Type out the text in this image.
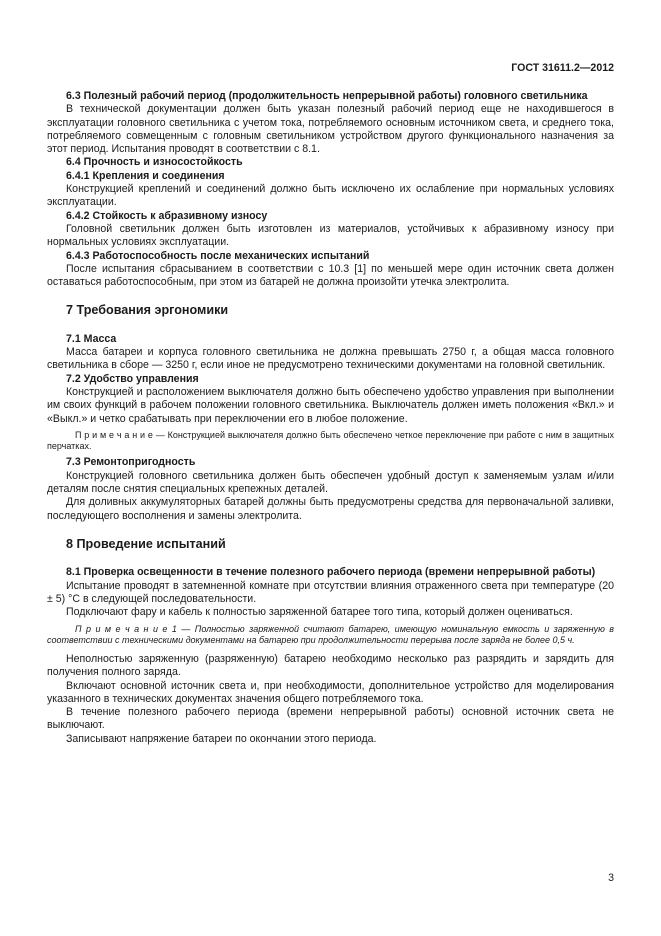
ГОСТ 31611.2—2012

6.3 Полезный рабочий период (продолжительность непрерывной работы) головного светильника

В технической документации должен быть указан полезный рабочий период еще не находившегося в эксплуатации головного светильника с учетом тока, потребляемого основным источником света, и среднего тока, потребляемого совмещенным с головным светильником устройством другого функционального назначения за этот период. Испытания проводят в соответствии с 8.1.

6.4 Прочность и износостойкость

6.4.1 Крепления и соединения

Конструкцией креплений и соединений должно быть исключено их ослабление при нормальных условиях эксплуатации.

6.4.2 Стойкость к абразивному износу

Головной светильник должен быть изготовлен из материалов, устойчивых к абразивному износу при нормальных условиях эксплуатации.

6.4.3 Работоспособность после механических испытаний

После испытания сбрасыванием в соответствии с 10.3 [1] по меньшей мере один источник света должен оставаться работоспособным, при этом из батарей не должна произойти утечка электролита.

7 Требования эргономики

7.1 Масса

Масса батареи и корпуса головного светильника не должна превышать 2750 г, а общая масса головного светильника в сборе — 3250 г, если иное не предусмотрено техническими документами на головной светильник.

7.2 Удобство управления

Конструкцией и расположением выключателя должно быть обеспечено удобство управления при выполнении им своих функций в рабочем положении головного светильника. Выключатель должен иметь положения «Вкл.» и «Выкл.» и четко срабатывать при переключении его в любое положение.

П р и м е ч а н и е — Конструкцией выключателя должно быть обеспечено четкое переключение при работе с ним в защитных перчатках.

7.3 Ремонтопригодность

Конструкцией головного светильника должен быть обеспечен удобный доступ к заменяемым узлам и/или деталям после снятия специальных крепежных деталей.

Для доливных аккумуляторных батарей должны быть предусмотрены средства для первоначальной заливки, последующего восполнения и замены электролита.

8 Проведение испытаний

8.1 Проверка освещенности в течение полезного рабочего периода (времени непрерывной работы)

Испытание проводят в затемненной комнате при отсутствии влияния отраженного света при температуре (20 ± 5) °С в следующей последовательности.

Подключают фару и кабель к полностью заряженной батарее того типа, который должен оцениваться.

П р и м е ч а н и е 1 — Полностью заряженной считают батарею, имеющую номинальную емкость и заряженную в соответствии с техническими документами на батарею при продолжительности перерыва после заряда не более 0,5 ч.

Неполностью заряженную (разряженную) батарею необходимо несколько раз разрядить и зарядить для получения полного заряда.

Включают основной источник света и, при необходимости, дополнительное устройство для моделирования указанного в технических документах значения общего потребляемого тока.

В течение полезного рабочего периода (времени непрерывной работы) основной источник света не выключают.

Записывают напряжение батареи по окончании этого периода.

3
